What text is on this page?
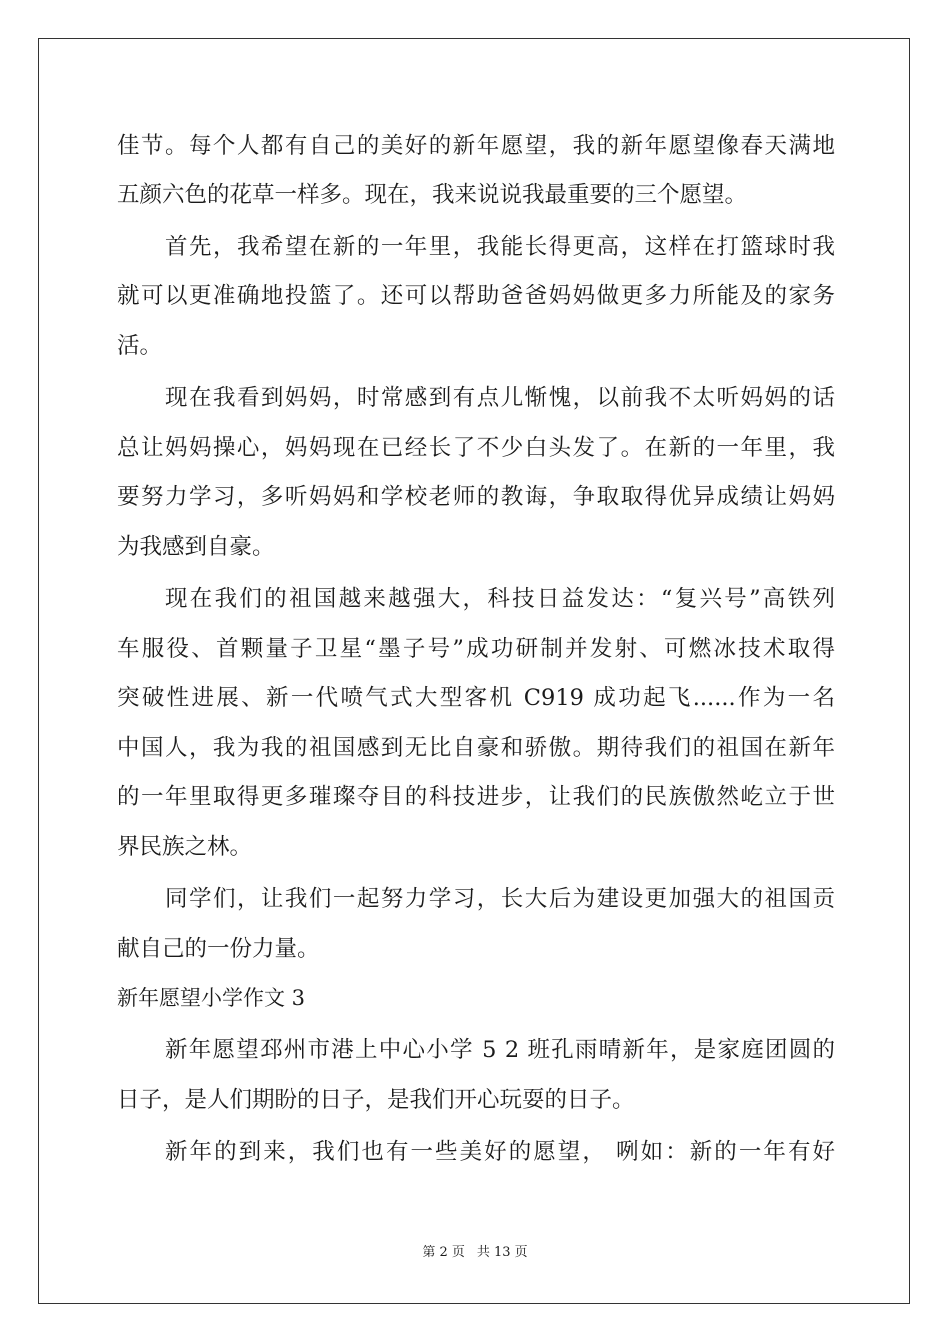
佳节。每个人都有自己的美好的新年愿望，我的新年愿望像春天满地
五颜六色的花草一样多。现在，我来说说我最重要的三个愿望。
首先，我希望在新的一年里，我能长得更高，这样在打篮球时我
就可以更准确地投篮了。还可以帮助爸爸妈妈做更多力所能及的家务
活。
现在我看到妈妈，时常感到有点儿惭愧，以前我不太听妈妈的话
总让妈妈操心，妈妈现在已经长了不少白头发了。在新的一年里，我
要努力学习，多听妈妈和学校老师的教诲，争取取得优异成绩让妈妈
为我感到自豪。
现在我们的祖国越来越强大，科技日益发达：“复兴号”高铁列
车服役、首颗量子卫星“墨子号”成功研制并发射、可燃冰技术取得
突破性进展、新一代喷气式大型客机 C919 成功起飞......作为一名
中国人，我为我的祖国感到无比自豪和骄傲。期待我们的祖国在新年
的一年里取得更多璀璨夺目的科技进步，让我们的民族傲然屹立于世
界民族之林。
同学们，让我们一起努力学习，长大后为建设更加强大的祖国贡
献自己的一份力量。
新年愿望小学作文 3
新年愿望邳州市港上中心小学 5 2 班孔雨晴新年，是家庭团圆的
日子，是人们期盼的日子，是我们开心玩耍的日子。
新年的到来，我们也有一些美好的愿望， 咧如：新的一年有好
第 2 页 共 13 页
